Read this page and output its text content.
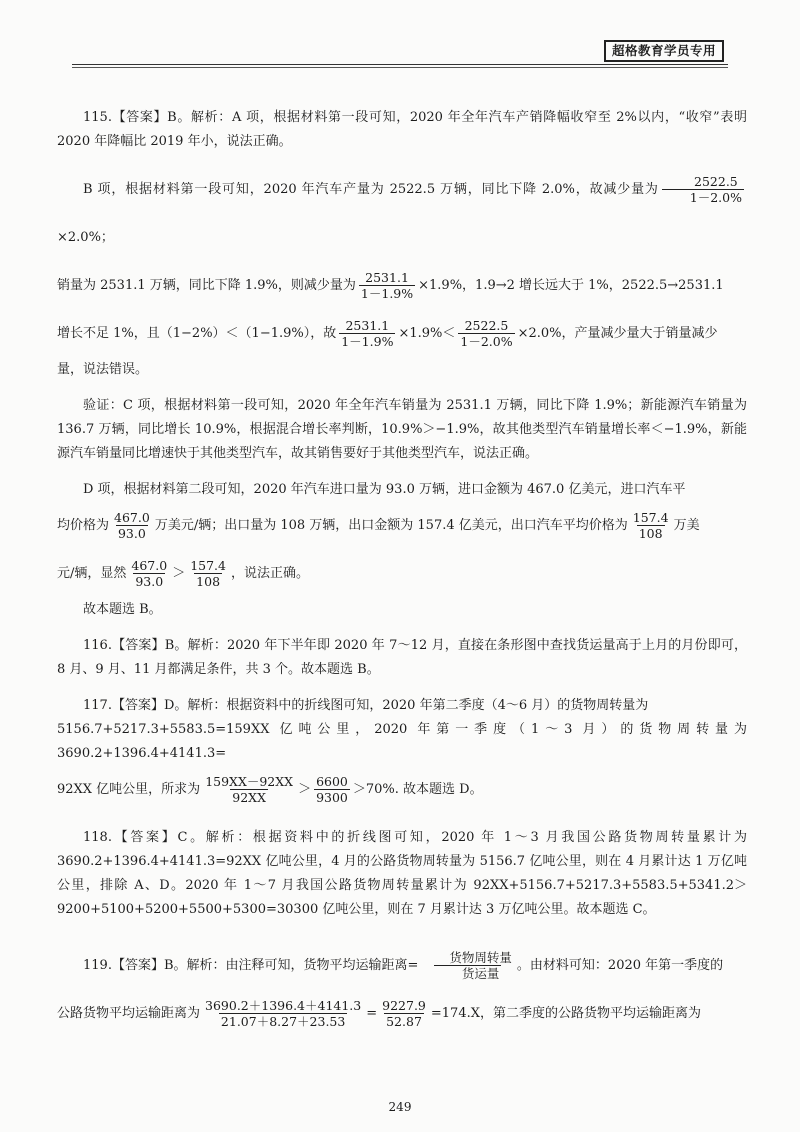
超格教育学员专用

115.【答案】B。解析：A 项，根据材料第一段可知，2020 年全年汽车产销降幅收窄至 2%以内，“收窄”表明 2020 年降幅比 2019 年小，说法正确。

B 项，根据材料第一段可知，2020 年汽车产量为 2522.5 万辆，同比下降 2.0%，故减少量为 $\frac{2522.5}{1-2.0\%}$
×2.0%；

销量为 2531.1 万辆，同比下降 1.9%，则减少量为 $\frac{2531.1}{1-1.9\%} \times 1.9\%$，1.9→2 增长远大于 1%，2522.5→2531.1

增长不足 1%，且（1−2%）＜（1−1.9%），故 $\frac{2531.1}{1-1.9\%} \times 1.9\%< \frac{2522.5}{1-2.0\%} \times 2.0\%$，产量减少量大于销量减少

量，说法错误。

验证：C 项，根据材料第一段可知，2020 年全年汽车销量为 2531.1 万辆，同比下降 1.9%；新能源汽车销量为 136.7 万辆，同比增长 10.9%，根据混合增长率判断，10.9%＞−1.9%，故其他类型汽车销量增长率＜−1.9%，新能源汽车销量同比增速快于其他类型汽车，故其销售要好于其他类型汽车，说法正确。

D 项，根据材料第二段可知，2020 年汽车进口量为 93.0 万辆，进口金额为 467.0 亿美元，进口汽车平

均价格为 $\frac{467.0}{93.0}$ 万美元/辆；出口量为 108 万辆，出口金额为 157.4 亿美元，出口汽车平均价格为 $\frac{157.4}{108}$ 万美

元/辆，显然 $\frac{467.0}{93.0} > \frac{157.4}{108}$ ，说法正确。

故本题选 B。

116.【答案】B。解析：2020 年下半年即 2020 年 7～12 月，直接在条形图中查找货运量高于上月的月份即可，8 月、9 月、11 月都满足条件，共 3 个。故本题选 B。

117.【答案】D。解析：根据资料中的折线图可知，2020 年第二季度（4～6 月）的货物周转量为

5156.7+5217.3+5583.5=159XX 亿吨公里，2020 年第一季度（1～3 月）的货物周转量为 3690.2+1396.4+4141.3=

92XX 亿吨公里，所求为 $\frac{159XX-92XX}{92XX} > \frac{6600}{9300} >70\%$. 故本题选 D。

118.【答案】C。解析：根据资料中的折线图可知，2020 年 1～3 月我国公路货物周转量累计为 3690.2+1396.4+4141.3=92XX 亿吨公里，4 月的公路货物周转量为 5156.7 亿吨公里，则在 4 月累计达 1 万亿吨公里，排除 A、D。2020 年 1～7 月我国公路货物周转量累计为 92XX+5156.7+5217.3+5583.5+5341.2＞9200+5100+5200+5500+5300=30300 亿吨公里，则在 7 月累计达 3 万亿吨公里。故本题选 C。

119.【答案】B。解析：由注释可知，货物平均运输距离= $\frac{\text{货物周转量}}{\text{货运量}}$ 。由材料可知：2020 年第一季度的

公路货物平均运输距离为 $\frac{3690.2+1396.4+4141.3}{21.07+8.27+23.53} = \frac{9227.9}{52.87} =174.X$，第二季度的公路货物平均运输距离为

249
